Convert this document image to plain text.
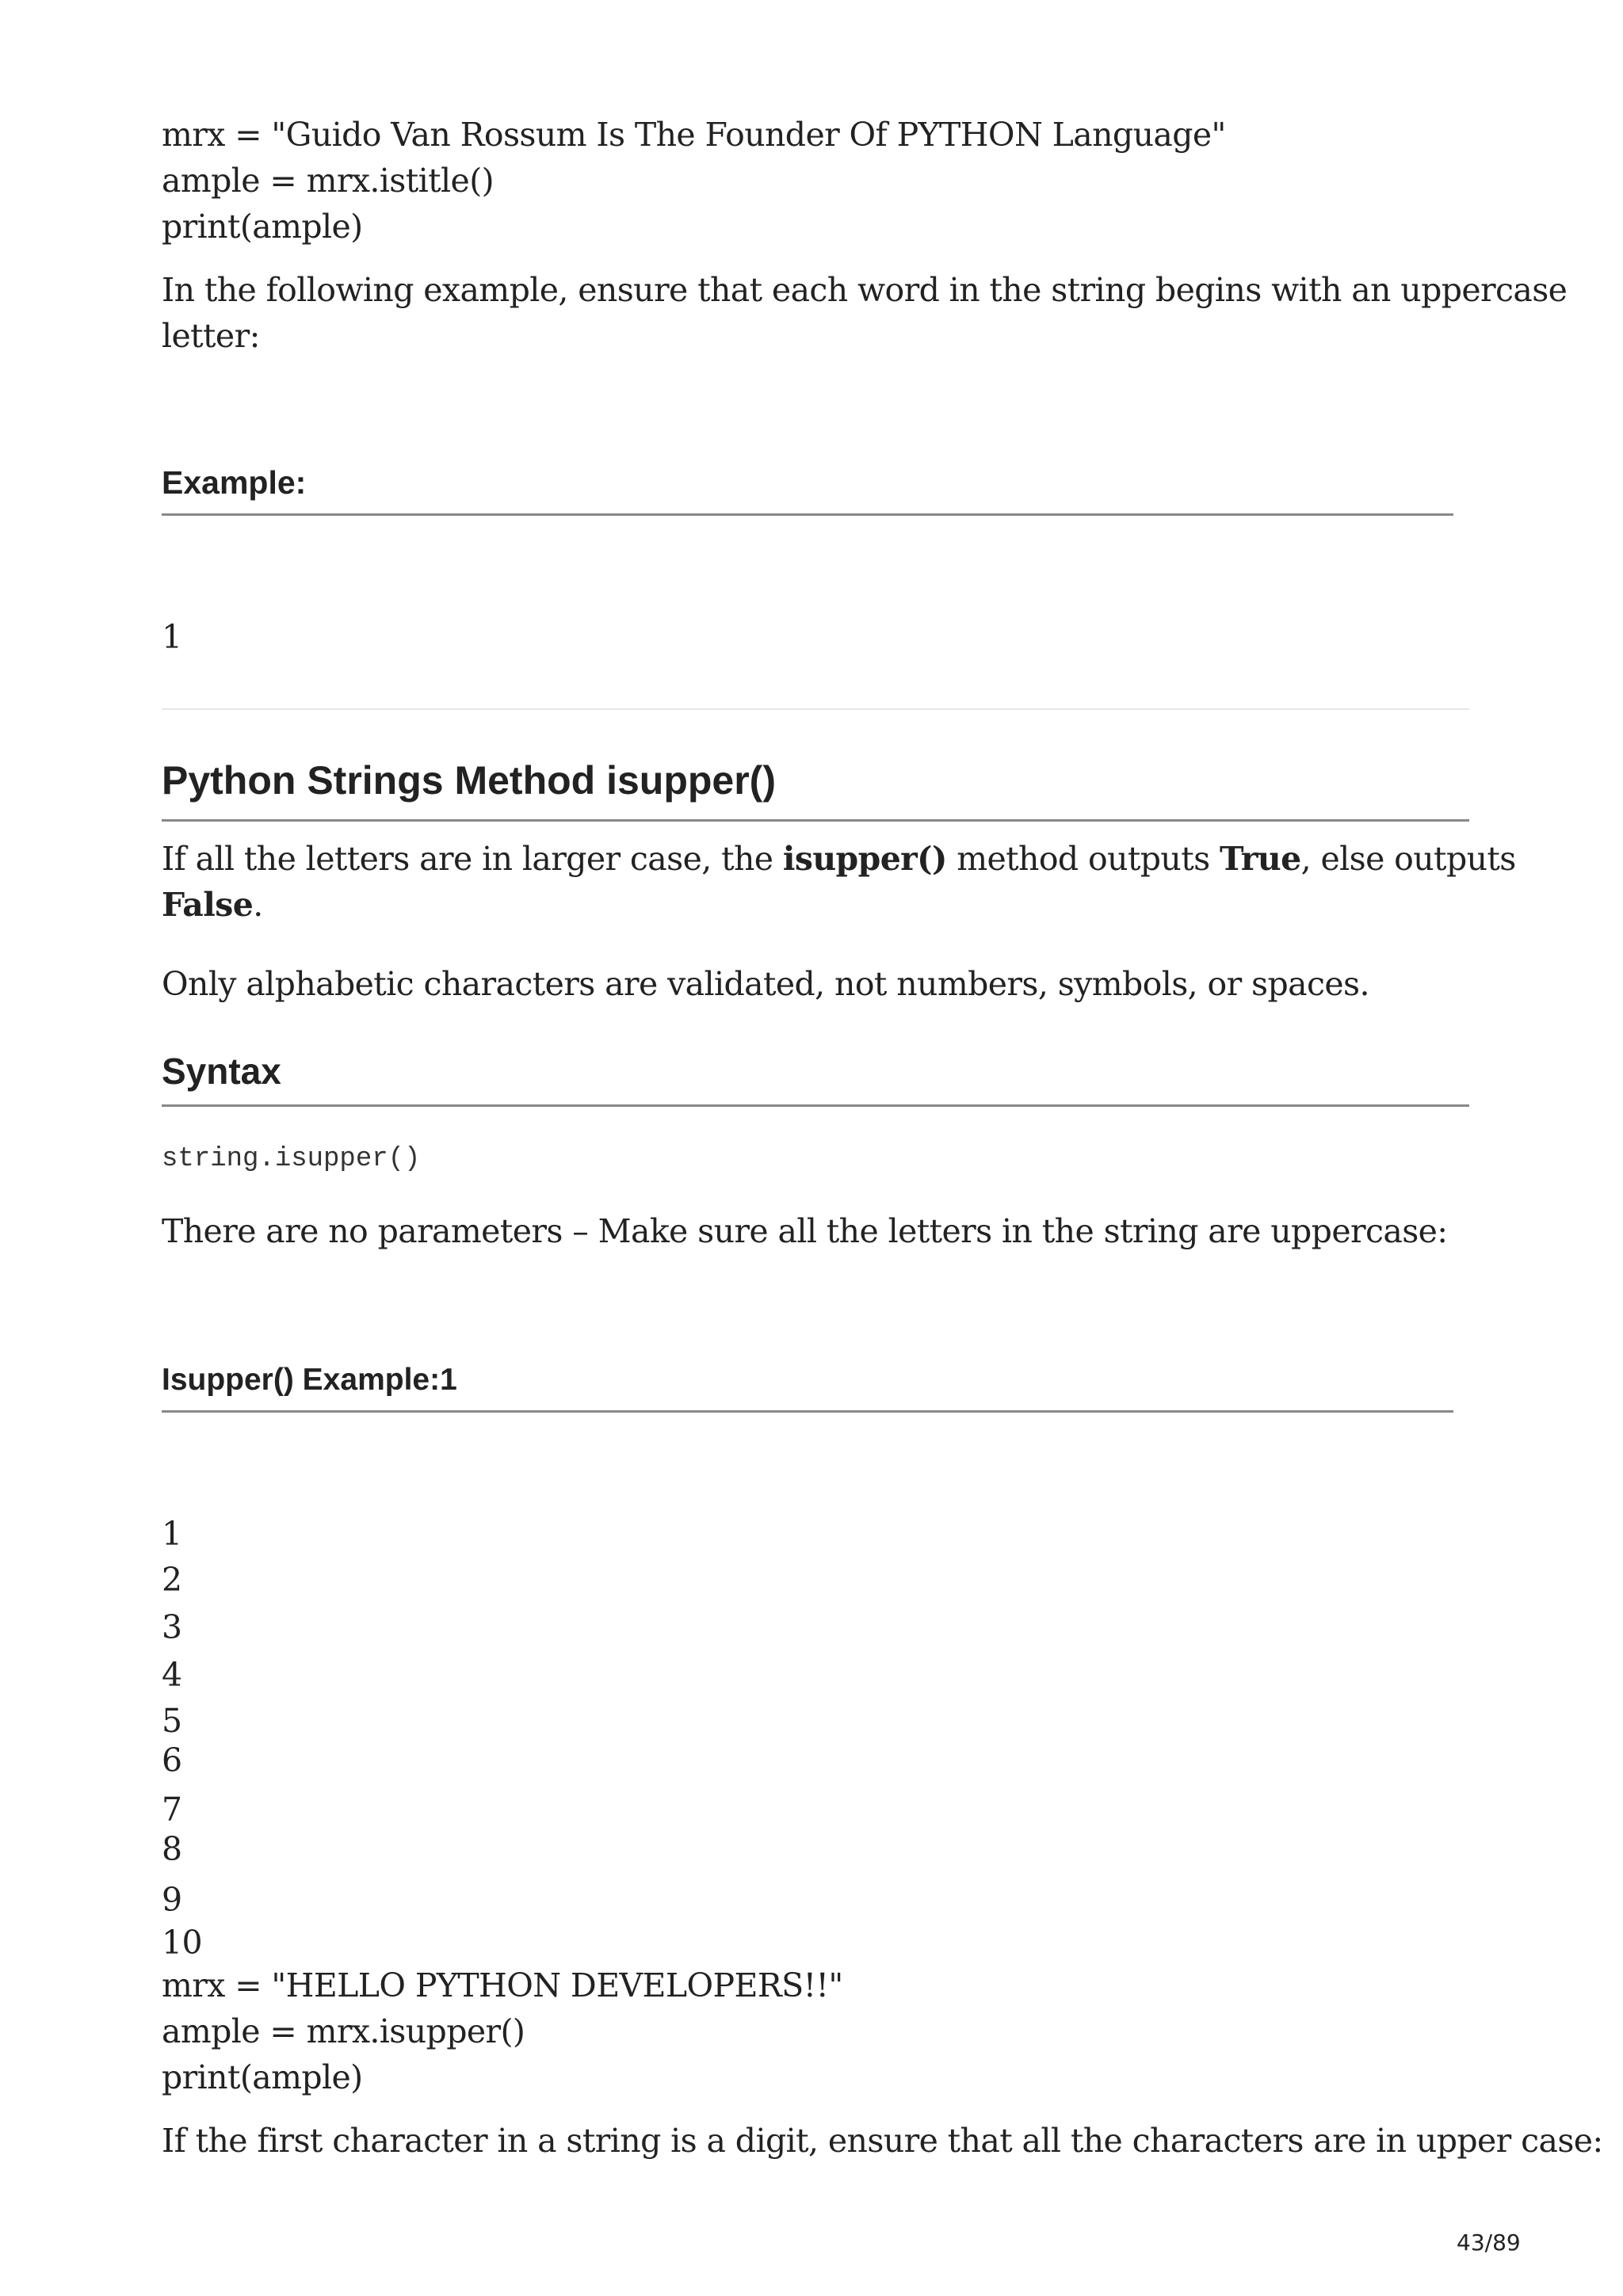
mrx = "Guido Van Rossum Is The Founder Of PYTHON Language"
ample = mrx.istitle()
print(ample)
In the following example, ensure that each word in the string begins with an uppercase
letter:
Example:
1
Python Strings Method isupper()
If all the letters are in larger case, the isupper() method outputs True, else outputs
False.
Only alphabetic characters are validated, not numbers, symbols, or spaces.
Syntax
string.isupper()
There are no parameters – Make sure all the letters in the string are uppercase:
Isupper() Example:1
1
2
3
4
5
6
7
8
9
10
mrx = "HELLO PYTHON DEVELOPERS!!"
ample = mrx.isupper()
print(ample)
If the first character in a string is a digit, ensure that all the characters are in upper case:
43/89
